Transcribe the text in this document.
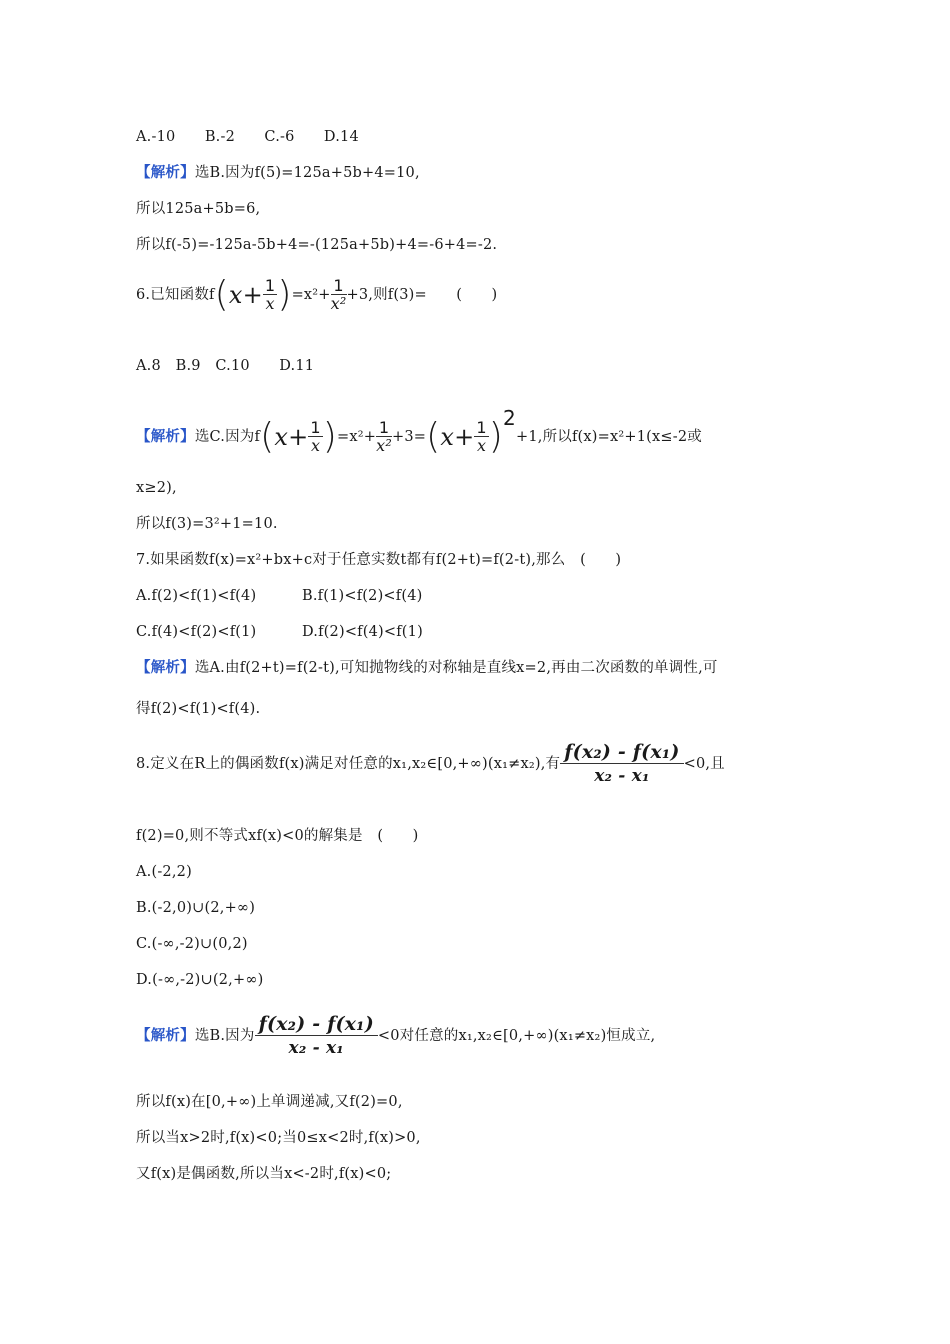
A.-10　　B.-2　　C.-6　　D.14
【解析】选B.因为f(5)=125a+5b+4=10,
所以125a+5b=6,
所以f(-5)=-125a-5b+4=-(125a+5b)+4=-6+4=-2.
6.已知函数$f(x+ \frac{1}{x} )=x^2+ \frac{1}{\text{x²}} +3$,则f(3)=　　(　　)
A.8　B.9　C.10　　D.11
【解析】选C.因为$f(x+ \frac{1}{x} )=x^2+ \frac{1}{\text{x²}} +3=(x+ \frac{1}{x} )2+1$,所以f(x)=x²+1(x≤-2或
x≥2),
所以f(3)=3²+1=10.
7.如果函数f(x)=x²+bx+c对于任意实数t都有f(2+t)=f(2-t),那么　(　　)
A.f(2)<f(1)<f(4)	B.f(1)<f(2)<f(4)
C.f(4)<f(2)<f(1)	D.f(2)<f(4)<f(1)
【解析】选A.由f(2+t)=f(2-t),可知抛物线的对称轴是直线x=2,再由二次函数的单调性,可
得f(2)<f(1)<f(4).
8.定义在R上的偶函数f(x)满足对任意的x₁,x₂∈[0,+∞)(x₁≠x₂),有 $\frac{\text{f(x₂) - f(x₁)}}{\text{x₂ - x₁}} <0$,且
f(2)=0,则不等式xf(x)<0的解集是　(　　)
A.(-2,2)
B.(-2,0)∪(2,+∞)
C.(-∞,-2)∪(0,2)
D.(-∞,-2)∪(2,+∞)
【解析】选B.因为 $\frac{\text{f(x₂) - f(x₁)}}{\text{x₂ - x₁}} <0$对任意的x₁,x₂∈[0,+∞)(x₁≠x₂)恒成立,
所以f(x)在[0,+∞)上单调递减,又f(2)=0,
所以当x>2时,f(x)<0;当0≤x<2时,f(x)>0,
又f(x)是偶函数,所以当x<-2时,f(x)<0;
